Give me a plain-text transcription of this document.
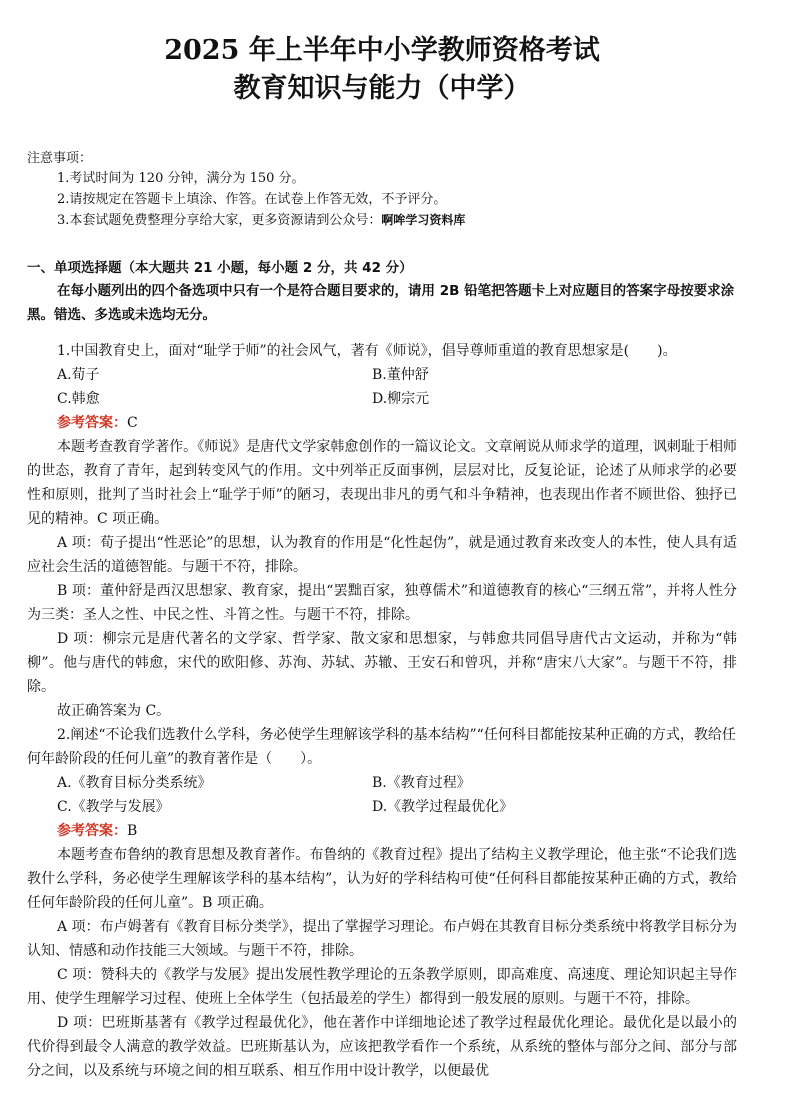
2025 年上半年中小学教师资格考试
教育知识与能力（中学）
注意事项：
1.考试时间为 120 分钟，满分为 150 分。
2.请按规定在答题卡上填涂、作答。在试卷上作答无效，不予评分。
3.本套试题免费整理分享给大家，更多资源请到公众号：啊哞学习资料库
一、单项选择题（本大题共 21 小题，每小题 2 分，共 42 分）
在每小题列出的四个备选项中只有一个是符合题目要求的，请用 2B 铅笔把答题卡上对应题目的答案字母按要求涂黑。错选、多选或未选均无分。
1.中国教育史上，面对“耻学于师”的社会风气，著有《师说》，倡导尊师重道的教育思想家是(　　)。
A.荀子	B.董仲舒
C.韩愈	D.柳宗元
参考答案：C

本题考查教育学著作。《师说》是唐代文学家韩愈创作的一篇议论文。文章阐说从师求学的道理，讽刺耻于相师的世态，教育了青年，起到转变风气的作用。文中列举正反面事例，层层对比，反复论证，论述了从师求学的必要性和原则，批判了当时社会上“耻学于师”的陋习，表现出非凡的勇气和斗争精神，也表现出作者不顾世俗、独抒已见的精神。C 项正确。

A 项：荀子提出“性恶论”的思想，认为教育的作用是“化性起伪”，就是通过教育来改变人的本性，使人具有适应社会生活的道德智能。与题干不符，排除。

B 项：董仲舒是西汉思想家、教育家，提出“罢黜百家，独尊儒术”和道德教育的核心“三纲五常”，并将人性分为三类：圣人之性、中民之性、斗筲之性。与题干不符，排除。

D 项：柳宗元是唐代著名的文学家、哲学家、散文家和思想家，与韩愈共同倡导唐代古文运动，并称为“韩柳”。他与唐代的韩愈，宋代的欧阳修、苏洵、苏轼、苏辙、王安石和曾巩，并称“唐宋八大家”。与题干不符，排除。

故正确答案为 C。

2.阐述“不论我们选教什么学科，务必使学生理解该学科的基本结构”“任何科目都能按某种正确的方式，教给任何年龄阶段的任何儿童”的教育著作是（　　）。
A.《教育目标分类系统》	B.《教育过程》
C.《教学与发展》	D.《教学过程最优化》
参考答案：B

本题考查布鲁纳的教育思想及教育著作。布鲁纳的《教育过程》提出了结构主义教学理论，他主张“不论我们选教什么学科，务必使学生理解该学科的基本结构”，认为好的学科结构可使“任何科目都能按某种正确的方式，教给任何年龄阶段的任何儿童”。B 项正确。

A 项：布卢姆著有《教育目标分类学》，提出了掌握学习理论。布卢姆在其教育目标分类系统中将教学目标分为认知、情感和动作技能三大领域。与题干不符，排除。

C 项：赞科夫的《教学与发展》提出发展性教学理论的五条教学原则，即高难度、高速度、理论知识起主导作用、使学生理解学习过程、使班上全体学生（包括最差的学生）都得到一般发展的原则。与题干不符，排除。

D 项：巴班斯基著有《教学过程最优化》，他在著作中详细地论述了教学过程最优化理论。最优化是以最小的代价得到最令人满意的教学效益。巴班斯基认为，应该把教学看作一个系统，从系统的整体与部分之间、部分与部分之间，以及系统与环境之间的相互联系、相互作用中设计教学，以便最优
